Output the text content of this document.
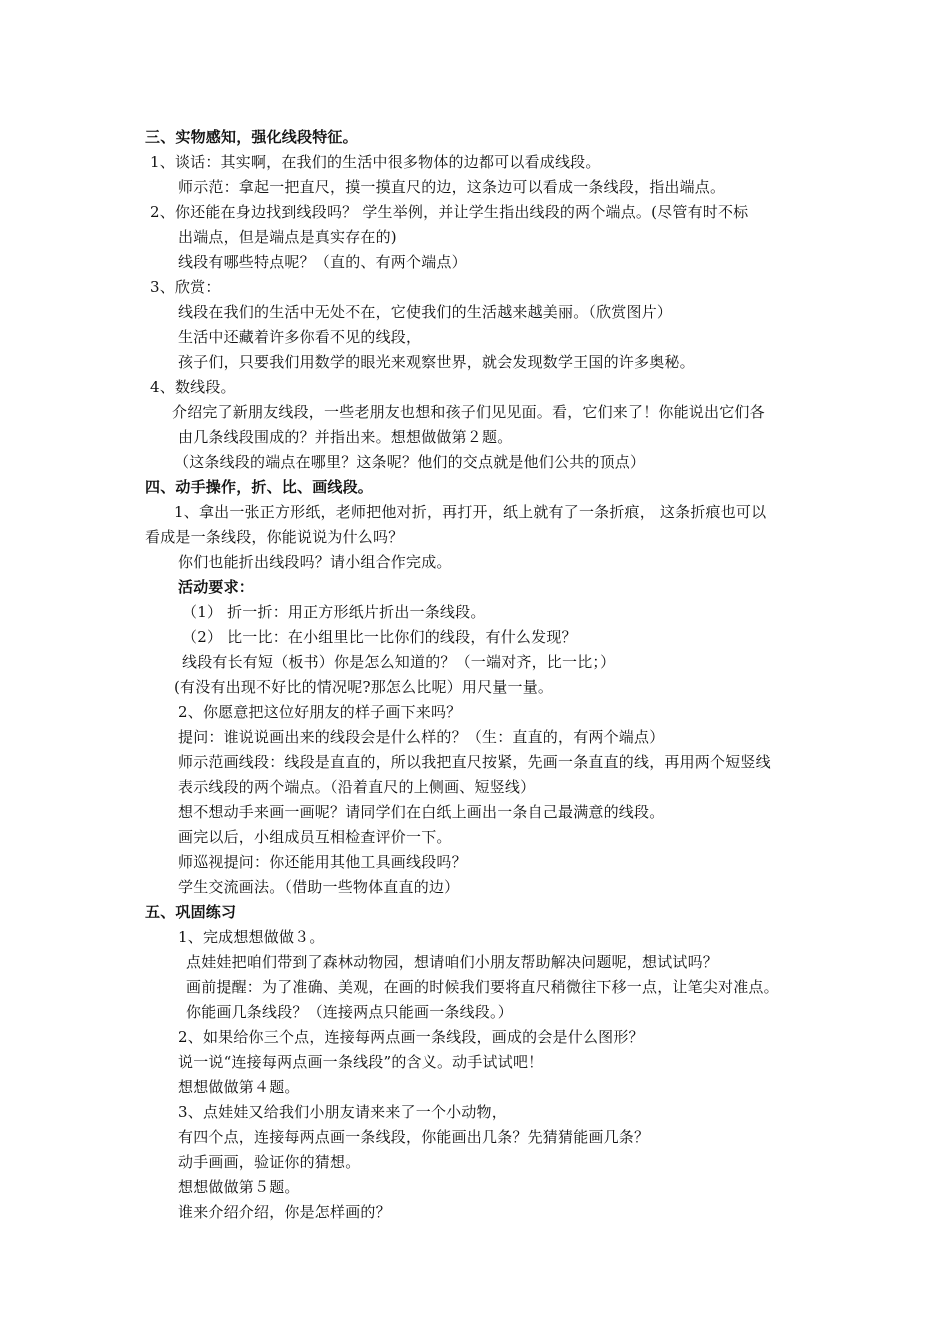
三、实物感知，强化线段特征。
1、谈话：其实啊，在我们的生活中很多物体的边都可以看成线段。
师示范：拿起一把直尺，摸一摸直尺的边，这条边可以看成一条线段，指出端点。
2、你还能在身边找到线段吗？ 学生举例，并让学生指出线段的两个端点。(尽管有时不标
出端点，但是端点是真实存在的)
线段有哪些特点呢？（直的、有两个端点）
3、欣赏：
线段在我们的生活中无处不在，它使我们的生活越来越美丽。（欣赏图片）
生活中还藏着许多你看不见的线段，
孩子们，只要我们用数学的眼光来观察世界，就会发现数学王国的许多奥秘。
4、数线段。
介绍完了新朋友线段，一些老朋友也想和孩子们见见面。看，它们来了！你能说出它们各
由几条线段围成的？并指出来。想想做做第２题。
（这条线段的端点在哪里？这条呢？他们的交点就是他们公共的顶点）
四、动手操作，折、比、画线段。
1、拿出一张正方形纸，老师把他对折，再打开，纸上就有了一条折痕， 这条折痕也可以
看成是一条线段，你能说说为什么吗？
你们也能折出线段吗？请小组合作完成。
活动要求：
（1） 折一折：用正方形纸片折出一条线段。
（2） 比一比：在小组里比一比你们的线段，有什么发现？
线段有长有短（板书）你是怎么知道的？（一端对齐，比一比；）
(有没有出现不好比的情况呢?那怎么比呢）用尺量一量。
2、你愿意把这位好朋友的样子画下来吗？
提问：谁说说画出来的线段会是什么样的？（生：直直的，有两个端点）
师示范画线段：线段是直直的，所以我把直尺按紧，先画一条直直的线，再用两个短竖线
表示线段的两个端点。（沿着直尺的上侧画、短竖线）
想不想动手来画一画呢？请同学们在白纸上画出一条自己最满意的线段。
画完以后，小组成员互相检查评价一下。
师巡视提问：你还能用其他工具画线段吗？
学生交流画法。（借助一些物体直直的边）
五、巩固练习
1、完成想想做做３。
点娃娃把咱们带到了森林动物园，想请咱们小朋友帮助解决问题呢，想试试吗？
画前提醒：为了准确、美观，在画的时候我们要将直尺稍微往下移一点，让笔尖对准点。
你能画几条线段？（连接两点只能画一条线段。）
2、如果给你三个点，连接每两点画一条线段，画成的会是什么图形？
说一说“连接每两点画一条线段”的含义。动手试试吧！
想想做做第４题。
3、点娃娃又给我们小朋友请来来了一个小动物，
有四个点，连接每两点画一条线段，你能画出几条？先猜猜能画几条？
动手画画，验证你的猜想。
想想做做第５题。
谁来介绍介绍，你是怎样画的？
